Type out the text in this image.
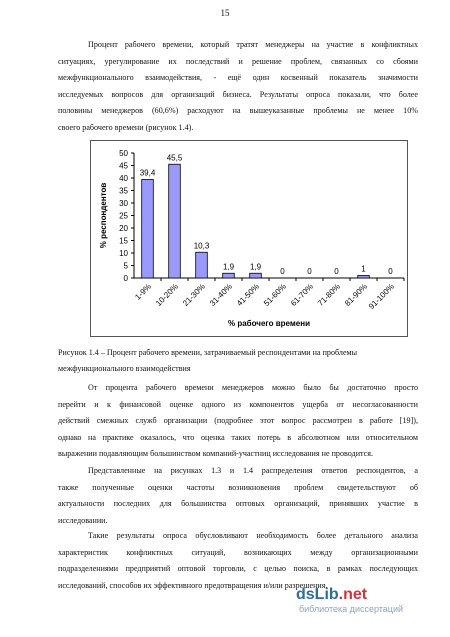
15

Процент рабочего времени, который тратят менеджеры на участие в конфликтных
ситуациях, урегулирование их последствий и решение проблем, связанных со сбоями
межфункционального взаимодействия, - ещё один косвенный показатель значимости
исследуемых вопросов для организаций бизнеса. Результаты опроса показали, что более
половины менеджеров (60,6%) расходуют на вышеуказанные проблемы не менее 10%
своего рабочего времени (рисунок 1.4).

0
5
10
15
20
25
30
35
40
45
50
% респондентов
39,4
1-9%
45,5
10-20%
10,3
21-30%
1,9
31-40%
1,9
41-50%
0
51-60%
0
61-70%
0
71-80%
1
81-90%
0
91-100%
% рабочего времени

Рисунок 1.4 – Процент рабочего времени, затрачиваемый респондентами на проблемы
межфункционального взаимодействия

От процента рабочего времени менеджеров можно было бы достаточно просто
перейти и к финансовой оценке одного из компонентов ущерба от несогласованности
действий смежных служб организации (подробнее этот вопрос рассмотрен в работе [19]),
однако на практике оказалось, что оценка таких потерь в абсолютном или относительном
выражении подавляющим большинством компаний-участниц исследования не проводится.

Представленные на рисунках 1.3 и 1.4 распределения ответов респондентов, а
также полученные оценки частоты возникновения проблем свидетельствуют об
актуальности последних для большинства оптовых организаций, принявших участие в
исследовании.

Такие результаты опроса обусловливают необходимость более детального анализа
характеристик конфликтных ситуаций, возникающих между организационными
подразделениями предприятий оптовой торговли, с целью поиска, в рамках последующих
исследований, способов их эффективного предотвращения и/или разрешения.

dsLib.net
библиотека диссертаций
